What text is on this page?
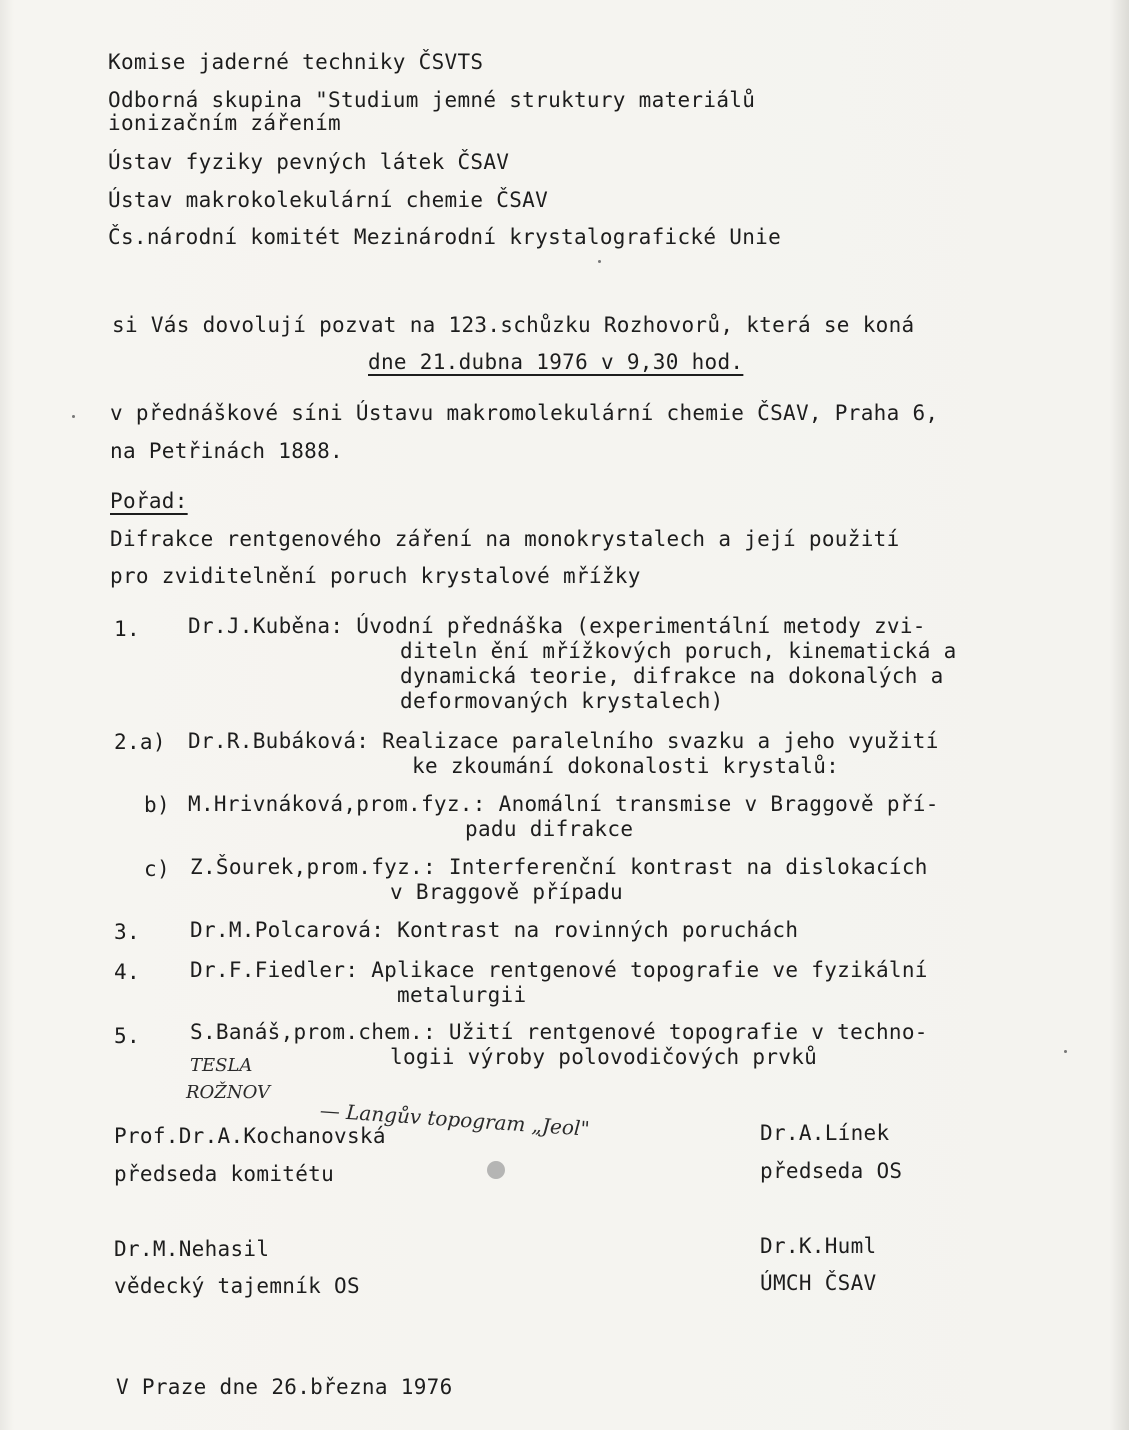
Komise jaderné techniky ČSVTS
Odborná skupina "Studium jemné struktury materiálů
ionizačním zářením
Ústav fyziky pevných látek ČSAV
Ústav makrokolekulární chemie ČSAV
Čs.národní komitét Mezinárodní krystalografické Unie
si Vás dovolují pozvat na 123.schůzku Rozhovorů, která se koná
dne 21.dubna 1976 v 9,30 hod.
v přednáškové síni Ústavu makromolekulární chemie ČSAV, Praha 6,
na Petřinách 1888.
Pořad:
Difrakce rentgenového záření na monokrystalech a její použití
pro zviditelnění poruch krystalové mřížky
1. Dr.J.Kuběna: Úvodní přednáška (experimentální metody zvi-
diteln ění mřížkových poruch, kinematická a
dynamická teorie, difrakce na dokonalých a
deformovaných krystalech)
2.a) Dr.R.Bubáková: Realizace paralelního svazku a jeho využití
ke zkoumání dokonalosti krystalů:
b) M.Hrivnáková,prom.fyz.: Anomální transmise v Braggově pří-
padu difrakce
c) Z.Šourek,prom.fyz.: Interferenční kontrast na dislokacích
v Braggově případu
3. Dr.M.Polcarová: Kontrast na rovinných poruchách
4. Dr.F.Fiedler: Aplikace rentgenové topografie ve fyzikální
metalurgii
5. S.Banáš,prom.chem.: Užití rentgenové topografie v techno-
logii výroby polovodičových prvků
TESLA
ROŽNOV
— Langův topogram „Jeol"
Prof.Dr.A.Kochanovská
předseda komitétu
Dr.A.Línek
předseda OS
Dr.M.Nehasil
vědecký tajemník OS
Dr.K.Huml
ÚMCH ČSAV
V Praze dne 26.března 1976
